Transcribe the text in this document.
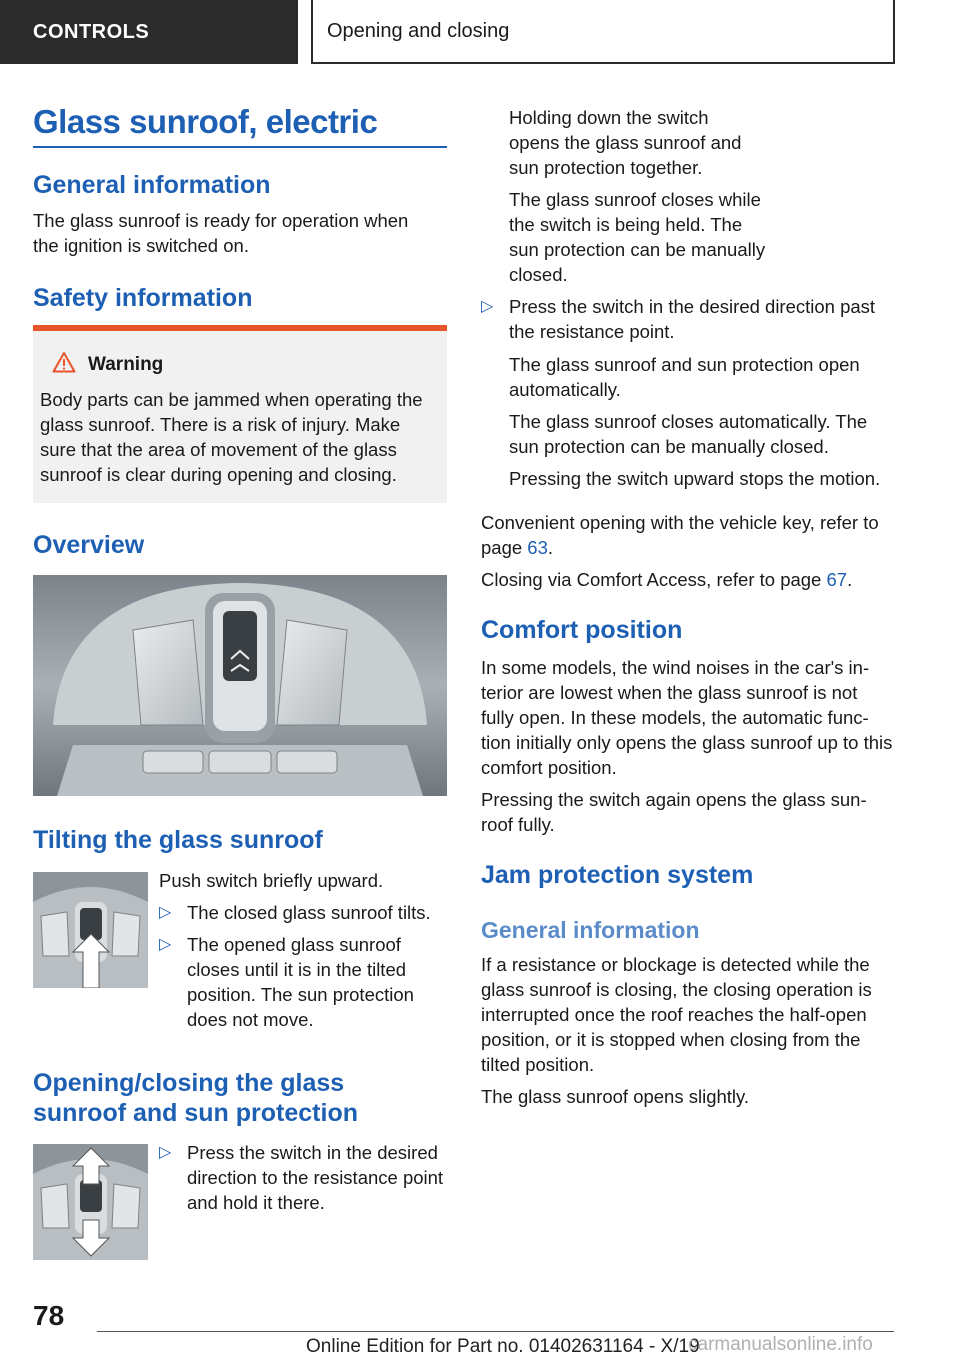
CONTROLS	Opening and closing
Glass sunroof, electric
General information
The glass sunroof is ready for operation when the ignition is switched on.
Safety information
Warning
Body parts can be jammed when operating the glass sunroof. There is a risk of injury. Make sure that the area of movement of the glass sunroof is clear during opening and closing.
Overview
Tilting the glass sunroof
Push switch briefly upward.
▷ The closed glass sunroof tilts.
▷ The opened glass sunroof closes until it is in the tilted position. The sun protection does not move.
Opening/closing the glass
sunroof and sun protection
▷ Press the switch in the desired direction to the resistance point and hold it there.
Holding down the switch opens the glass sunroof and sun protection together.
The glass sunroof closes while the switch is being held. The sun protection can be manually closed.
▷ Press the switch in the desired direction past the resistance point.
The glass sunroof and sun protection open automatically.
The glass sunroof closes automatically. The sun protection can be manually closed.
Pressing the switch upward stops the motion.
Convenient opening with the vehicle key, refer to page 63.
Closing via Comfort Access, refer to page 67.
Comfort position
In some models, the wind noises in the car's in-terior are lowest when the glass sunroof is not fully open. In these models, the automatic func-tion initially only opens the glass sunroof up to this comfort position.
Pressing the switch again opens the glass sun-roof fully.
Jam protection system
General information
If a resistance or blockage is detected while the glass sunroof is closing, the closing operation is interrupted once the roof reaches the half-open position, or it is stopped when closing from the tilted position.
The glass sunroof opens slightly.
78
Online Edition for Part no. 01402631164 - X/19
carmanualsonline.info
